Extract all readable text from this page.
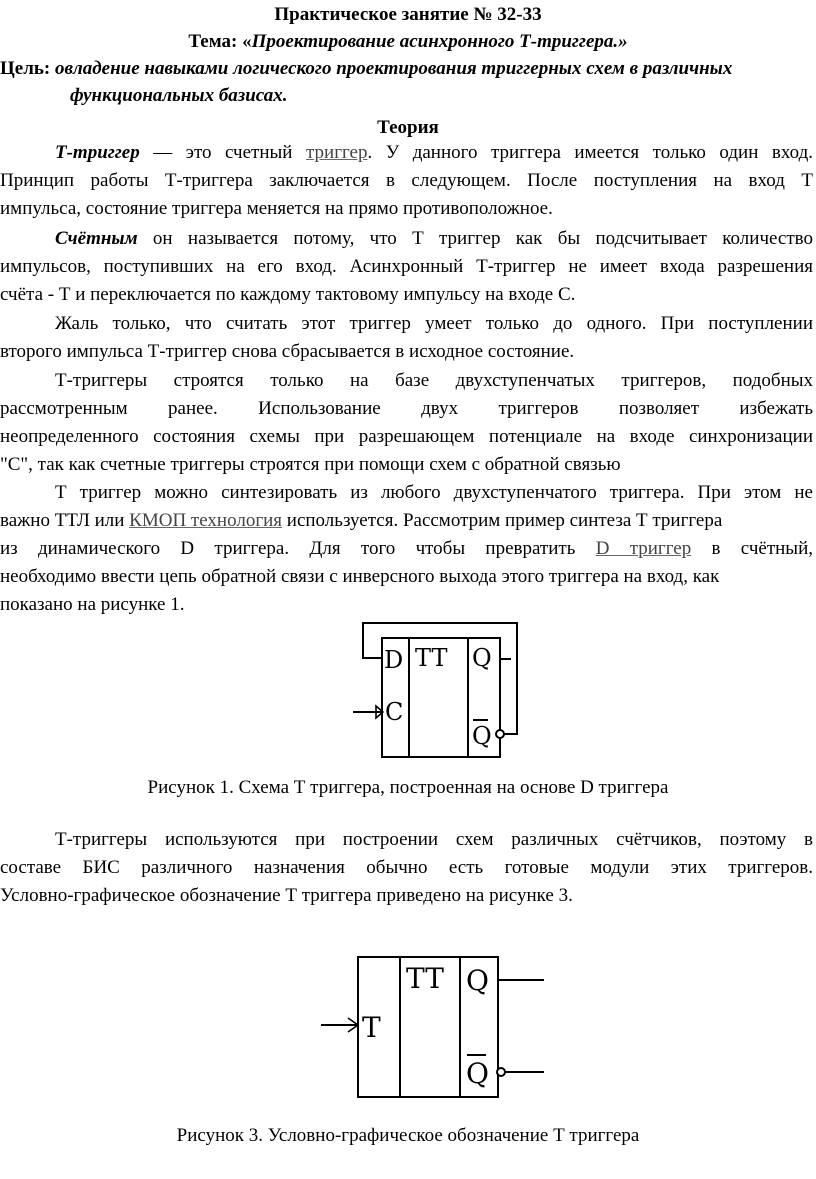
Практическое занятие № 32-33
Тема: «Проектирование асинхронного Т-триггера.»
Цель: овладение навыками логического проектирования триггерных схем в различных
функциональных базисах.
Теория
Т-триггер — это счетный триггер. У данного триггера имеется только один вход.
Принцип работы Т-триггера заключается в следующем. После поступления на вход Т
импульса, состояние триггера меняется на прямо противоположное.
Счётным он называется потому, что Т триггер как бы подсчитывает количество
импульсов, поступивших на его вход. Асинхронный Т-триггер не имеет входа разрешения
счёта - Т и переключается по каждому тактовому импульсу на входе С.
Жаль только, что считать этот триггер умеет только до одного. При поступлении
второго импульса Т-триггер снова сбрасывается в исходное состояние.
Т-триггеры строятся только на базе двухступенчатых триггеров, подобных
рассмотренным ранее. Использование двух триггеров позволяет избежать
неопределенного состояния схемы при разрешающем потенциале на входе синхронизации
"С", так как счетные триггеры строятся при помощи схем с обратной связью
Т триггер можно синтезировать из любого двухступенчатого триггера. При этом не
важно ТТЛ или КМОП технология используется. Рассмотрим пример синтеза Т триггера
из динамического D триггера. Для того чтобы превратить D триггер в счётный,
необходимо ввести цепь обратной связи с инверсного выхода этого триггера на вход, как
показано на рисунке 1.
D
C
TT Q
Q
Рисунок 1. Схема Т триггера, построенная на основе D триггера
Т-триггеры используются при построении схем различных счётчиков, поэтому в
составе БИС различного назначения обычно есть готовые модули этих триггеров.
Условно-графическое обозначение Т триггера приведено на рисунке 3.
T
TT Q
Q
Рисунок 3. Условно-графическое обозначение Т триггера
